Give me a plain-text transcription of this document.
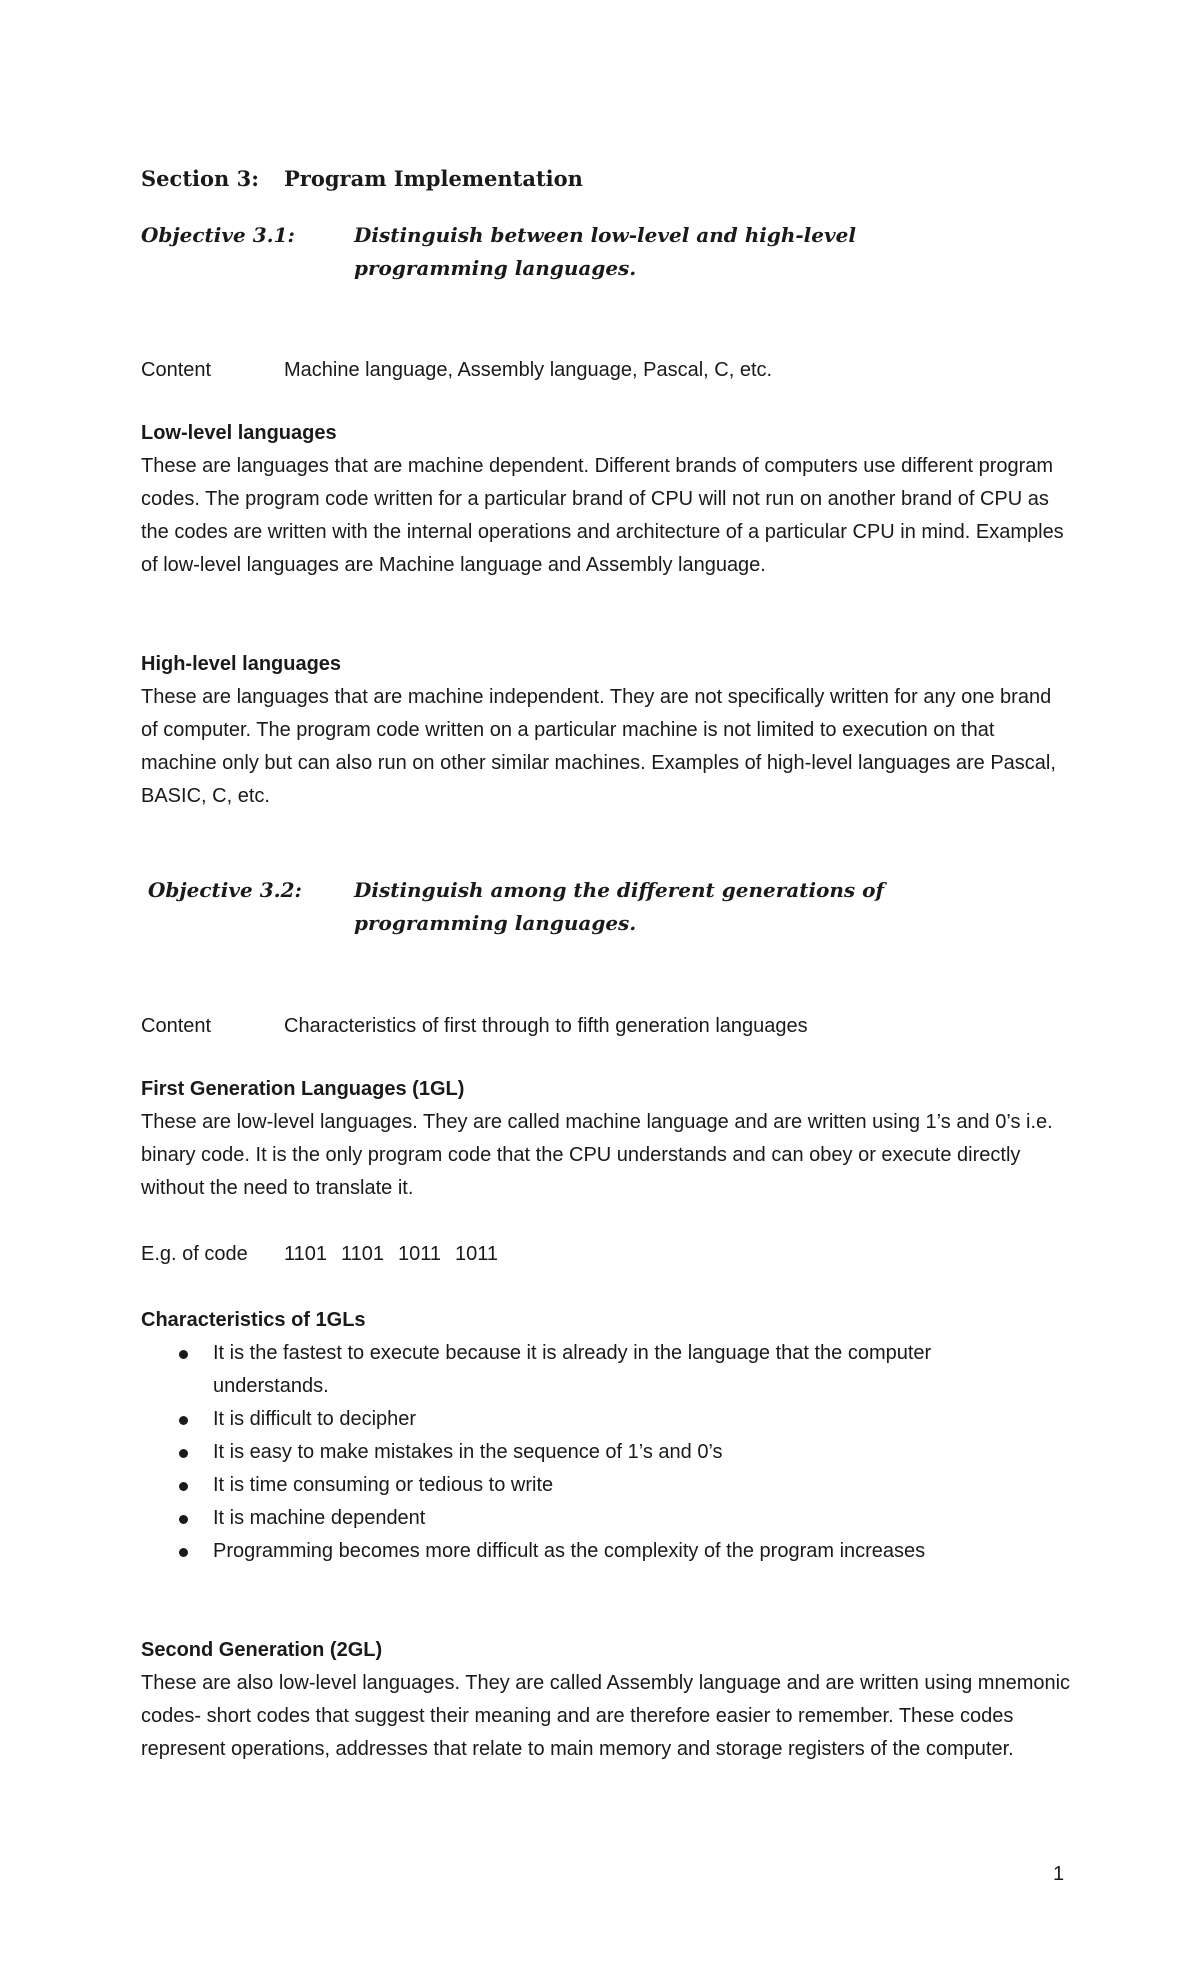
Section 3: Program Implementation
Objective 3.1:	Distinguish between low-level and high-level programming languages.
Content	Machine language, Assembly language, Pascal, C, etc.
Low-level languages

These are languages that are machine dependent. Different brands of computers use different program codes. The program code written for a particular brand of CPU will not run on another brand of CPU as the codes are written with the internal operations and architecture of a particular CPU in mind. Examples of low-level languages are Machine language and Assembly language.

High-level languages

These are languages that are machine independent. They are not specifically written for any one brand of computer. The program code written on a particular machine is not limited to execution on that machine only but can also run on other similar machines. Examples of high-level languages are Pascal, BASIC, C, etc.

Objective 3.2:	Distinguish among the different generations of programming languages.
Content	Characteristics of first through to fifth generation languages
First Generation Languages (1GL)

These are low-level languages. They are called machine language and are written using 1’s and 0’s i.e. binary code. It is the only program code that the CPU understands and can obey or execute directly without the need to translate it.

E.g. of code 1101 1101 1011 1011
Characteristics of 1GLs
It is the fastest to execute because it is already in the language that the computer understands.
It is difficult to decipher
It is easy to make mistakes in the sequence of 1’s and 0’s
It is time consuming or tedious to write
It is machine dependent
Programming becomes more difficult as the complexity of the program increases
Second Generation (2GL)

These are also low-level languages. They are called Assembly language and are written using mnemonic codes- short codes that suggest their meaning and are therefore easier to remember. These codes represent operations, addresses that relate to main memory and storage registers of the computer.

1
